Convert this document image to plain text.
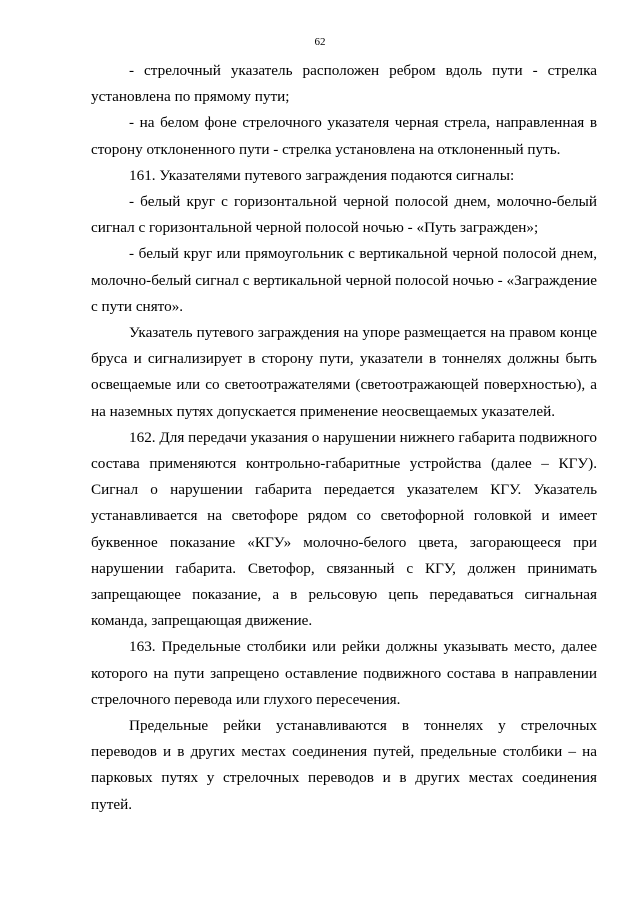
62

- стрелочный указатель расположен ребром вдоль пути - стрелка установлена по прямому пути;

- на белом фоне стрелочного указателя черная стрела, направленная в сторону отклоненного пути - стрелка установлена на отклоненный путь.

161. Указателями путевого заграждения подаются сигналы:

- белый круг с горизонтальной черной полосой днем, молочно-белый сигнал с горизонтальной черной полосой ночью - «Путь загражден»;

- белый круг или прямоугольник с вертикальной черной полосой днем, молочно-белый сигнал с вертикальной черной полосой ночью - «Заграждение с пути снято».

Указатель путевого заграждения на упоре размещается на правом конце бруса и сигнализирует в сторону пути, указатели в тоннелях должны быть освещаемые или со светоотражателями (светоотражающей поверхностью), а на наземных путях допускается применение неосвещаемых указателей.

162. Для передачи указания о нарушении нижнего габарита подвижного состава применяются контрольно-габаритные устройства (далее – КГУ). Сигнал о нарушении габарита передается указателем КГУ. Указатель устанавливается на светофоре рядом со светофорной головкой и имеет буквенное показание «КГУ» молочно-белого цвета, загорающееся при нарушении габарита. Светофор, связанный с КГУ, должен принимать запрещающее показание, а в рельсовую цепь передаваться сигнальная команда, запрещающая движение.

163. Предельные столбики или рейки должны указывать место, далее которого на пути запрещено оставление подвижного состава в направлении стрелочного перевода или глухого пересечения.

Предельные рейки устанавливаются в тоннелях у стрелочных переводов и в других местах соединения путей, предельные столбики – на парковых путях у стрелочных переводов и в других местах соединения путей.
